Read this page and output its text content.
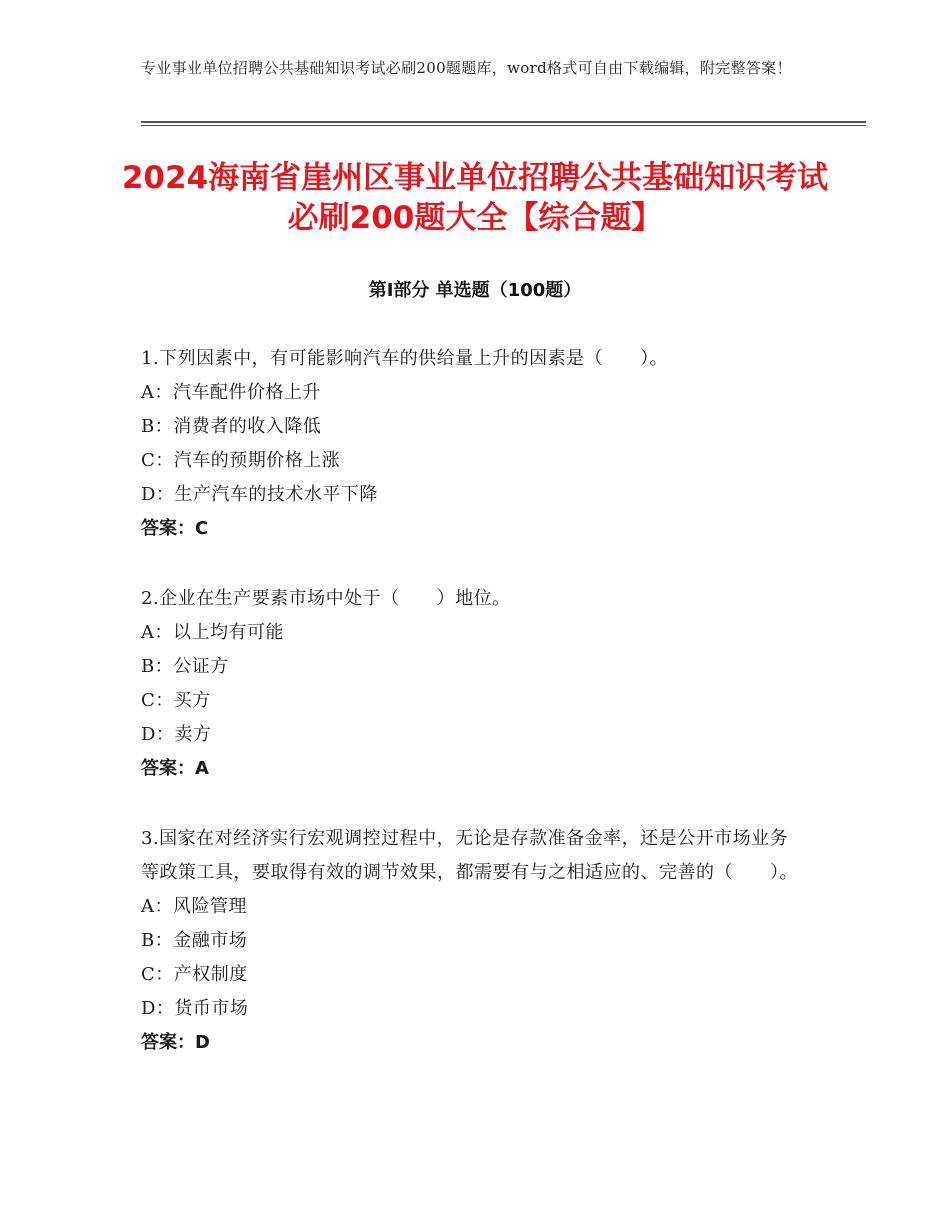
专业事业单位招聘公共基础知识考试必刷200题题库，word格式可自由下载编辑，附完整答案！
2024海南省崖州区事业单位招聘公共基础知识考试必刷200题大全【综合题】
第Ⅰ部分 单选题（100题）
1.下列因素中，有可能影响汽车的供给量上升的因素是（　　）。
A：汽车配件价格上升
B：消费者的收入降低
C：汽车的预期价格上涨
D：生产汽车的技术水平下降
答案：C
2.企业在生产要素市场中处于（　　）地位。
A：以上均有可能
B：公证方
C：买方
D：卖方
答案：A
3.国家在对经济实行宏观调控过程中，无论是存款准备金率，还是公开市场业务等政策工具，要取得有效的调节效果，都需要有与之相适应的、完善的（　　）。
A：风险管理
B：金融市场
C：产权制度
D：货币市场
答案：D
